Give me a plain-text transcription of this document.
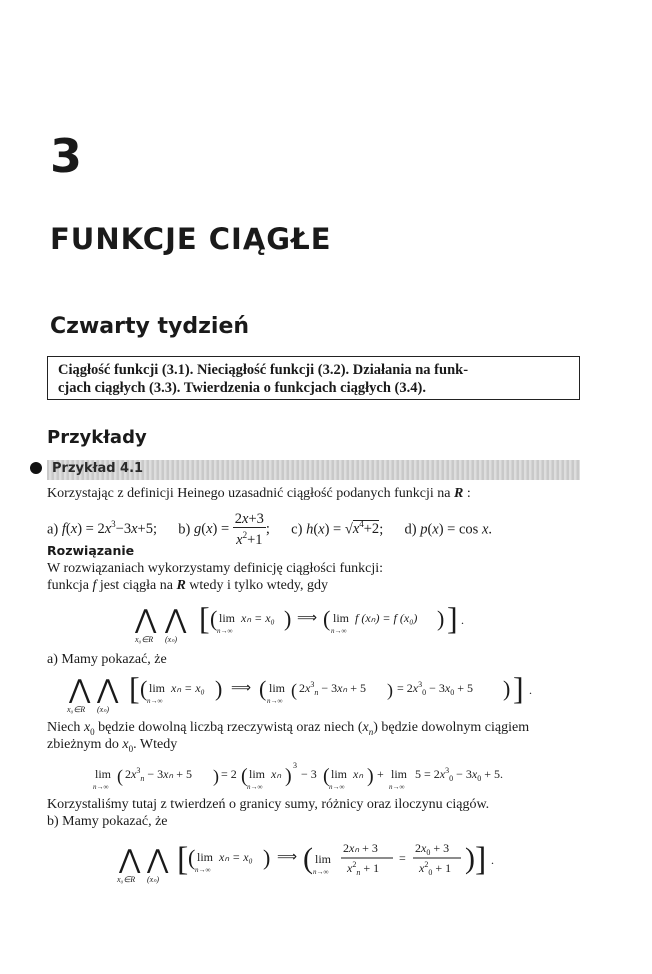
3
FUNKCJE CIĄGŁE
Czwarty tydzień
Ciągłość funkcji (3.1). Nieciągłość funkcji (3.2). Działania na funk-
cjach ciągłych (3.3). Twierdzenia o funkcjach ciągłych (3.4).
Przykłady
Przykład 4.1
Korzystając z definicji Heinego uzasadnić ciągłość podanych funkcji na R :
a) $f(x) = 2x^3-3x+5$; b) $g(x) = \frac{2x+3}{x^2+1}$ ; c) $h(x) = √x^4+2$; d) p(x) = cos x.
Rozwiązanie
W rozwiązaniach wykorzystamy definicję ciągłości funkcji:
funkcja f jest ciągła na R wtedy i tylko wtedy, gdy
⋀ ⋀
x₀∈R (xₙ)
[ ( lim
n→∞
xₙ = x₀ ) ⟹ ( lim
n→∞
f (xₙ) = f (x₀) ) ] .
a) Mamy pokazać, że
⋀ ⋀
x₀∈R (xₙ)
[ ( lim
n→∞
xₙ = x₀ ) ⟹ ( lim
n→∞
( $2x^3_n - 3x_n + 5$ ) = $2x^3_0 - 3x_0 + 5$ ) ] .
Niech $x_0$ będzie dowolną liczbą rzeczywistą oraz niech $(x_n)$ będzie dowolnym ciągiem
zbieżnym do $x_0$. Wtedy
lim
n→∞
( $2x^3_n - 3x_n + 5$ ) = 2 ( lim
n→∞
xₙ ) 3
− 3 ( lim
n→∞
xₙ ) + lim
n→∞
$5 = 2x^3_0 - 3x_0 + 5$.
Korzystaliśmy tutaj z twierdzeń o granicy sumy, różnicy oraz iloczynu ciągów.
b) Mamy pokazać, że
⋀ ⋀
x₀∈R (xₙ)
[ ( lim
n→∞
xₙ = x₀ ) ⟹ ( lim
n→∞
2xₙ + 3
$x^2_n + 1$
=
$2x_0 + 3$
$x^2_0 + 1$ ) ] .
